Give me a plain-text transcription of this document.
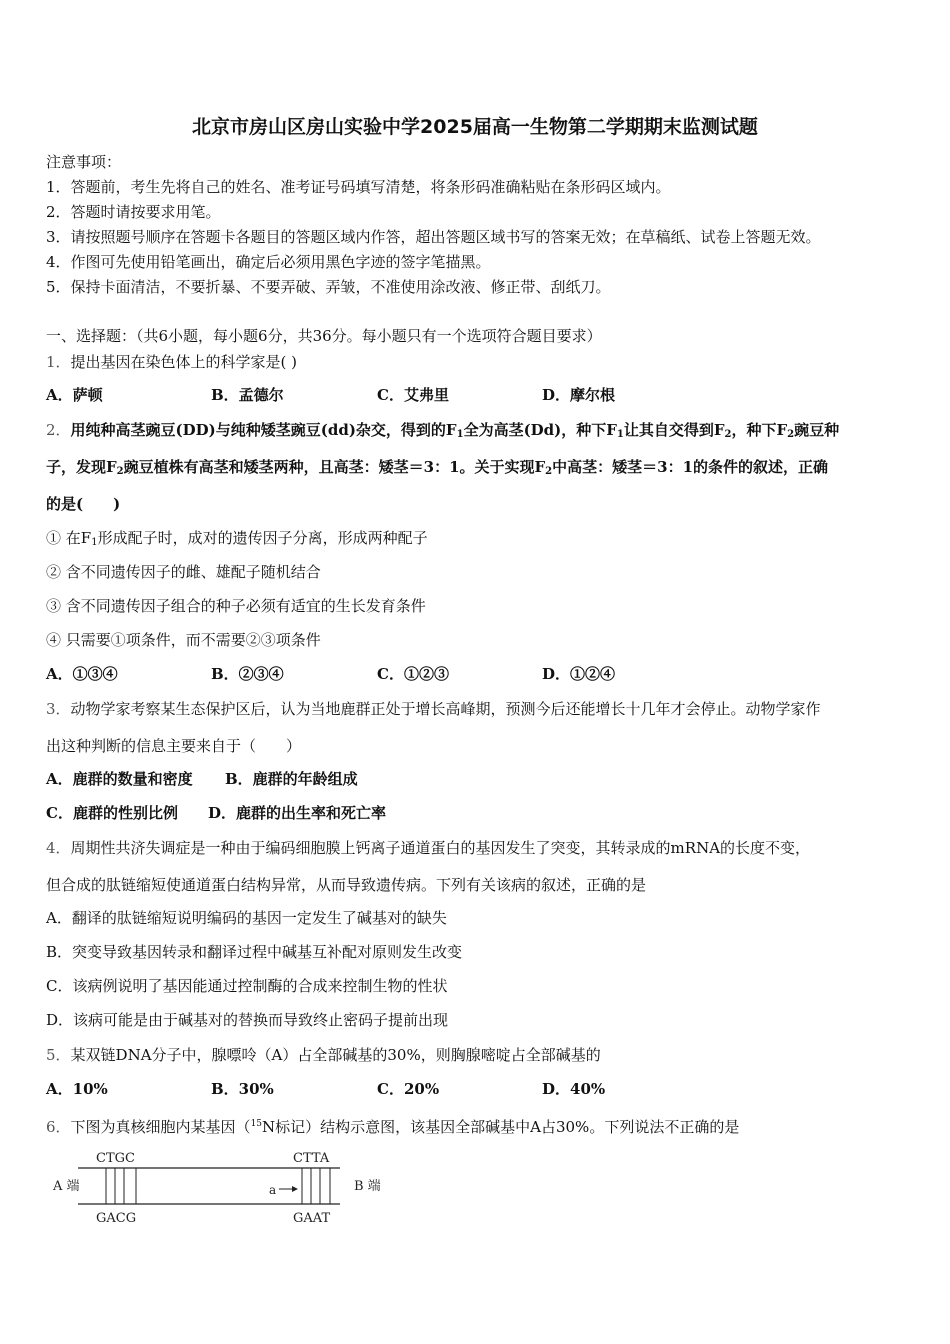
北京市房山区房山实验中学2025届高一生物第二学期期末监测试题
注意事项：
1．答题前，考生先将自己的姓名、准考证号码填写清楚，将条形码准确粘贴在条形码区域内。
2．答题时请按要求用笔。
3．请按照题号顺序在答题卡各题目的答题区域内作答，超出答题区域书写的答案无效；在草稿纸、试卷上答题无效。
4．作图可先使用铅笔画出，确定后必须用黑色字迹的签字笔描黑。
5．保持卡面清洁，不要折暴、不要弄破、弄皱，不准使用涂改液、修正带、刮纸刀。
一、选择题：（共6小题，每小题6分，共36分。每小题只有一个选项符合题目要求）
1．提出基因在染色体上的科学家是( )
A．萨顿	B．孟德尔	C．艾弗里	D．摩尔根
2．用纯种高茎豌豆(DD)与纯种矮茎豌豆(dd)杂交，得到的$F_1$全为高茎(Dd)，种下$F_1$让其自交得到$F_2$，种下$F_2$豌豆种
子，发现$F_2$豌豆植株有高茎和矮茎两种，且高茎：矮茎＝3：1。关于实现$F_2$中高茎：矮茎＝3：1的条件的叙述，正确
的是(　　)
① 在$F_1$形成配子时，成对的遗传因子分离，形成两种配子
② 含不同遗传因子的雌、雄配子随机结合
③ 含不同遗传因子组合的种子必须有适宜的生长发育条件
④ 只需要①项条件，而不需要②③项条件
A．①③④	B．②③④	C．①②③	D．①②④
3．动物学家考察某生态保护区后，认为当地鹿群正处于增长高峰期，预测今后还能增长十几年才会停止。动物学家作
出这种判断的信息主要来自于（　　）
A．鹿群的数量和密度 B．鹿群的年龄组成
C．鹿群的性别比例 D．鹿群的出生率和死亡率
4．周期性共济失调症是一种由于编码细胞膜上钙离子通道蛋白的基因发生了突变，其转录成的mRNA的长度不变，
但合成的肽链缩短使通道蛋白结构异常，从而导致遗传病。下列有关该病的叙述，正确的是
A．翻译的肽链缩短说明编码的基因一定发生了碱基对的缺失
B．突变导致基因转录和翻译过程中碱基互补配对原则发生改变
C．该病例说明了基因能通过控制酶的合成来控制生物的性状
D．该病可能是由于碱基对的替换而导致终止密码子提前出现
5．某双链DNA分子中，腺嘌呤（A）占全部碱基的30%，则胸腺嘧啶占全部碱基的
A．10%	B．30%	C．20%	D．40%
6．下图为真核细胞内某基因（$^{15}$N标记）结构示意图，该基因全部碱基中A占30%。下列说法不正确的是
CTGC	CTTA
A 端	B 端
a
GACG	GAAT
